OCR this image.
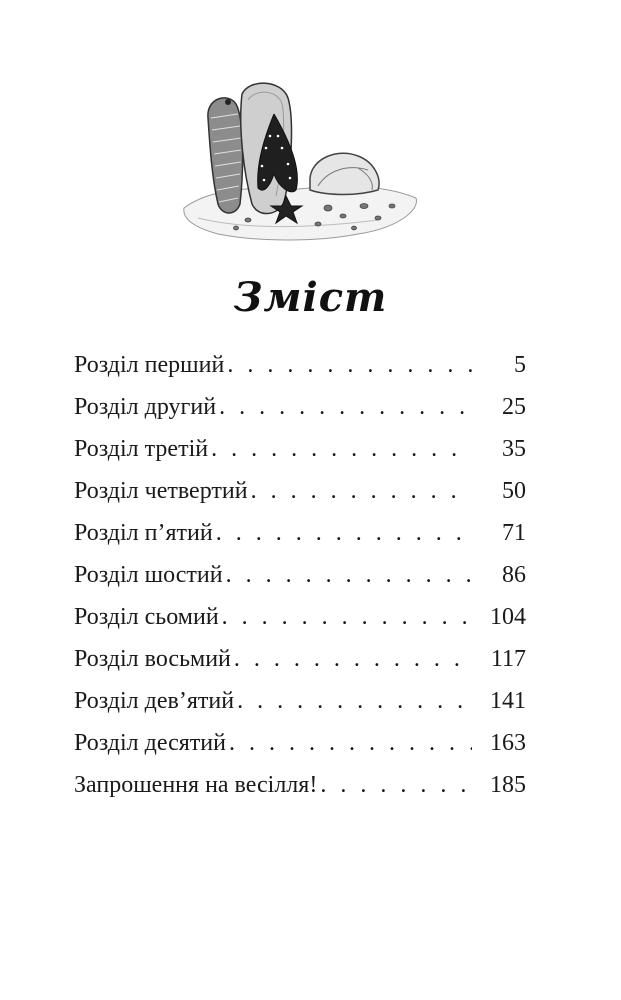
Зміст
Розділ перший . . .	5
Розділ другий . . .	25
Розділ третій . . .	35
Розділ четвертий . . .	50
Розділ п’ятий . . .	71
Розділ шостий . . .	86
Розділ сьомий . . .	104
Розділ восьмий . . .	117
Розділ дев’ятий . . .	141
Розділ десятий . . .	163
Запрошення на весілля! . . .	185
